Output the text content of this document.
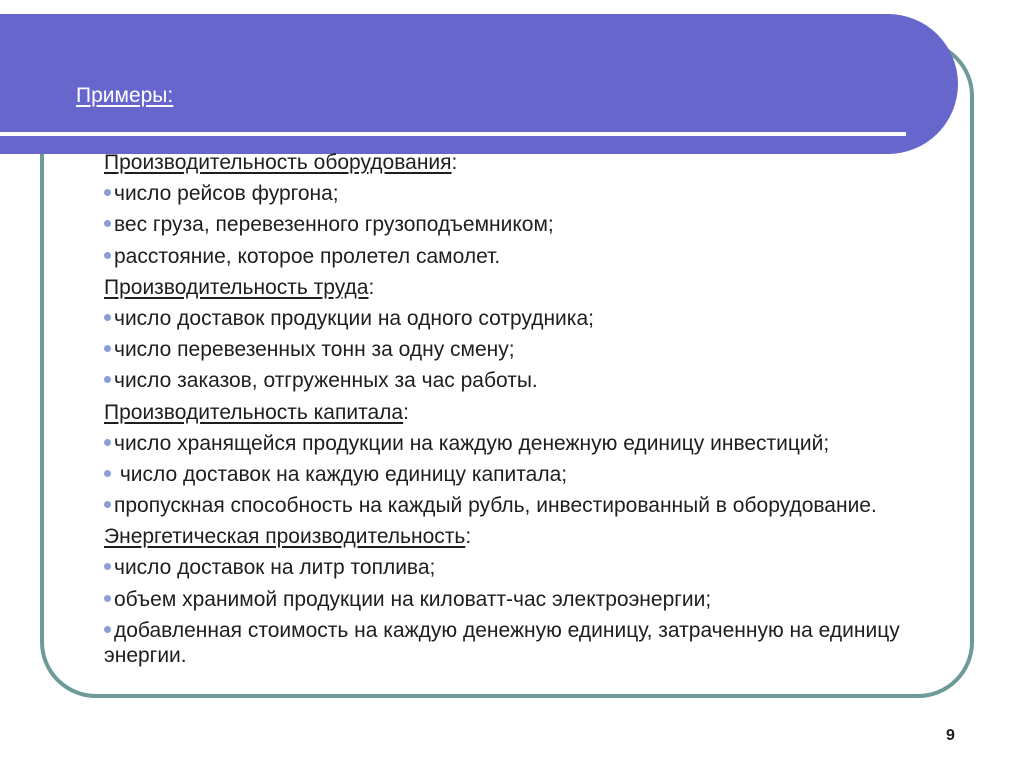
Примеры:
Производительность оборудования:
число рейсов фургона;
вес груза, перевезенного грузоподъемником;
расстояние, которое пролетел самолет.
Производительность труда:
число доставок продукции на одного сотрудника;
число перевезенных тонн за одну смену;
число заказов, отгруженных за час работы.
Производительность капитала:
число хранящейся продукции на каждую денежную единицу инвестиций;
число доставок на каждую единицу капитала;
пропускная способность на каждый рубль, инвестированный в оборудование.
Энергетическая производительность:
число доставок на литр топлива;
объем хранимой продукции на киловатт-час электроэнергии;
добавленная стоимость на каждую денежную единицу, затраченную на единицу энергии.
9
